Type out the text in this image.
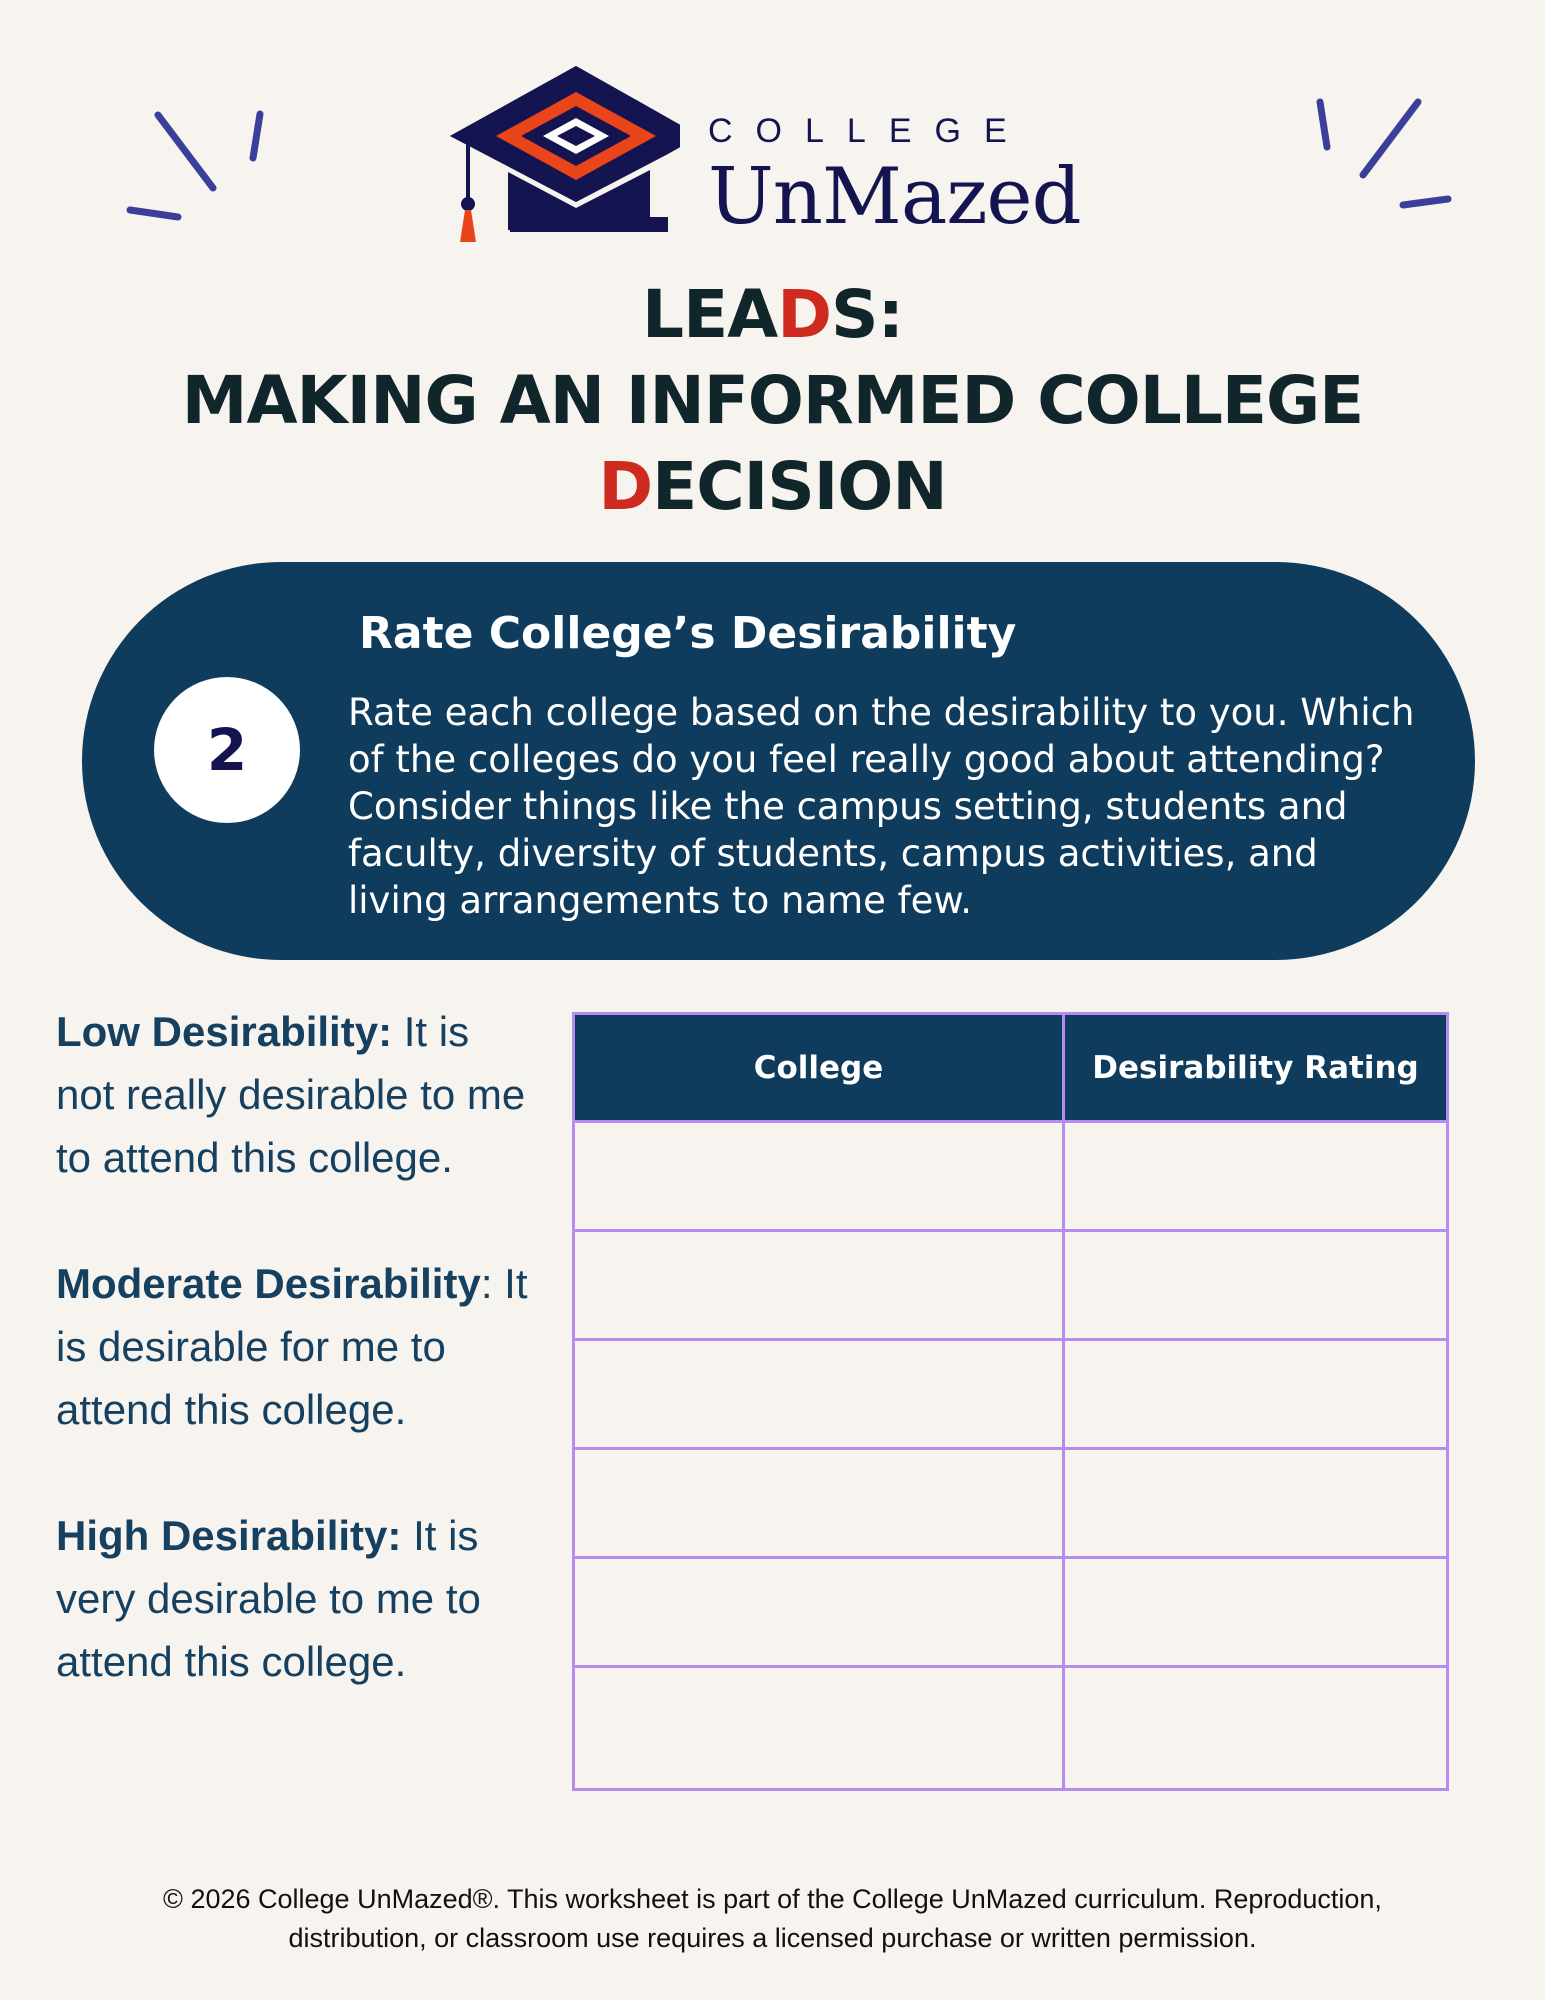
COLLEGE
UnMazed
LEADS:
MAKING AN INFORMED COLLEGE
DECISION
2
Rate College’s Desirability
Rate each college based on the desirability to you. Which of the colleges do you feel really good about attending? Consider things like the campus setting, students and faculty, diversity of students, campus activities, and living arrangements to name few.

Low Desirability: It is not really desirable to me to attend this college.

Moderate Desirability: It is desirable for me to attend this college.

High Desirability: It is very desirable to me to attend this college.

College	Desirability Rating

© 2026 College UnMazed®. This worksheet is part of the College UnMazed curriculum. Reproduction,
distribution, or classroom use requires a licensed purchase or written permission.
